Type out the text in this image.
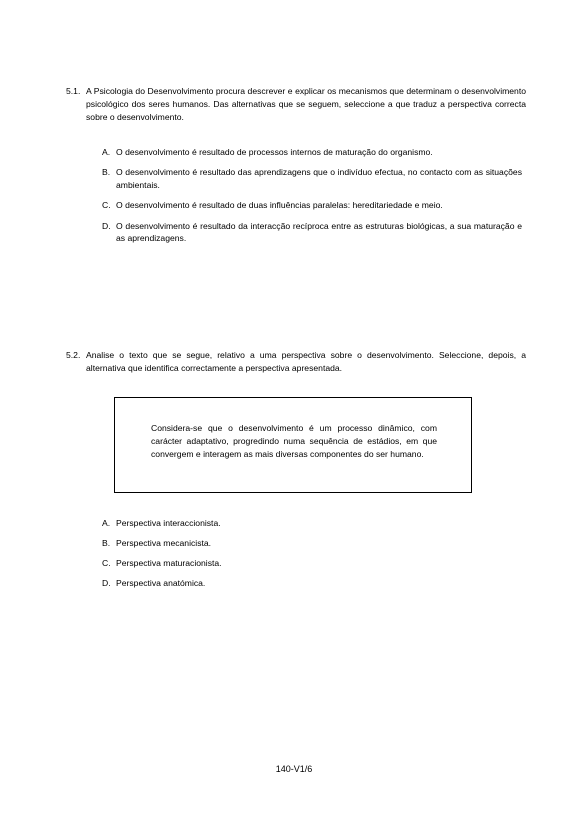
5.1. A Psicologia do Desenvolvimento procura descrever e explicar os mecanismos que determinam o desenvolvimento psicológico dos seres humanos. Das alternativas que se seguem, seleccione a que traduz a perspectiva correcta sobre o desenvolvimento.
A. O desenvolvimento é resultado de processos internos de maturação do organismo.
B. O desenvolvimento é resultado das aprendizagens que o indivíduo efectua, no contacto com as situações ambientais.
C. O desenvolvimento é resultado de duas influências paralelas: hereditariedade e meio.
D. O desenvolvimento é resultado da interacção recíproca entre as estruturas biológicas, a sua maturação e as aprendizagens.
5.2. Analise o texto que se segue, relativo a uma perspectiva sobre o desenvolvimento. Seleccione, depois, a alternativa que identifica correctamente a perspectiva apresentada.
Considera-se que o desenvolvimento é um processo dinâmico, com carácter adaptativo, progredindo numa sequência de estádios, em que convergem e interagem as mais diversas componentes do ser humano.
A. Perspectiva interaccionista.
B. Perspectiva mecanicista.
C. Perspectiva maturacionista.
D. Perspectiva anatómica.
140-V1/6
